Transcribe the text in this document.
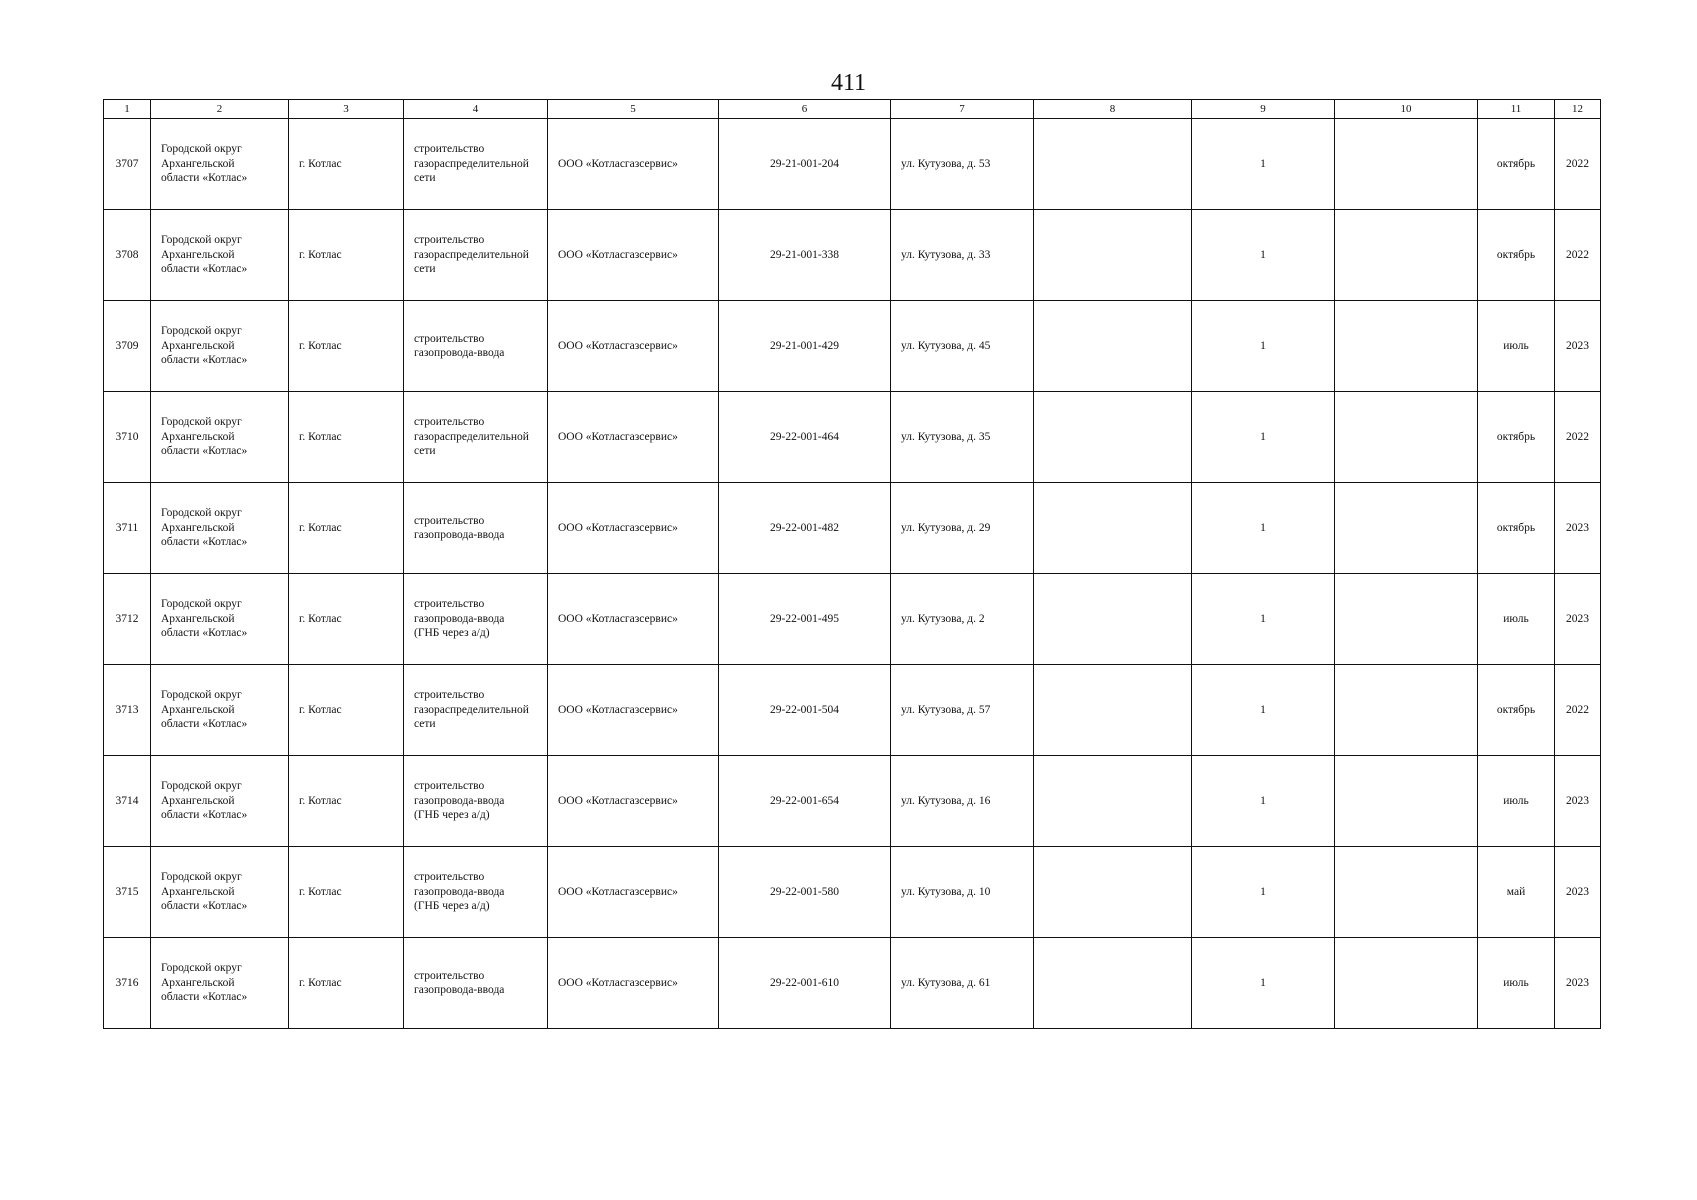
411
1	2	3	4	5	6	7	8	9	10	11	12
3707	Городской округ
Архангельской
области «Котлас»	г. Котлас	строительство
газораспределительной
сети	ООО «Котласгазсервис»	29-21-001-204	ул. Кутузова, д. 53		1		октябрь	2022
3708	Городской округ
Архангельской
области «Котлас»	г. Котлас	строительство
газораспределительной
сети	ООО «Котласгазсервис»	29-21-001-338	ул. Кутузова, д. 33		1		октябрь	2022
3709	Городской округ
Архангельской
области «Котлас»	г. Котлас	строительство
газопровода-ввода	ООО «Котласгазсервис»	29-21-001-429	ул. Кутузова, д. 45		1		июль	2023
3710	Городской округ
Архангельской
области «Котлас»	г. Котлас	строительство
газораспределительной
сети	ООО «Котласгазсервис»	29-22-001-464	ул. Кутузова, д. 35		1		октябрь	2022
3711	Городской округ
Архангельской
области «Котлас»	г. Котлас	строительство
газопровода-ввода	ООО «Котласгазсервис»	29-22-001-482	ул. Кутузова, д. 29		1		октябрь	2023
3712	Городской округ
Архангельской
области «Котлас»	г. Котлас	строительство
газопровода-ввода
(ГНБ через а/д)	ООО «Котласгазсервис»	29-22-001-495	ул. Кутузова, д. 2		1		июль	2023
3713	Городской округ
Архангельской
области «Котлас»	г. Котлас	строительство
газораспределительной
сети	ООО «Котласгазсервис»	29-22-001-504	ул. Кутузова, д. 57		1		октябрь	2022
3714	Городской округ
Архангельской
области «Котлас»	г. Котлас	строительство
газопровода-ввода
(ГНБ через а/д)	ООО «Котласгазсервис»	29-22-001-654	ул. Кутузова, д. 16		1		июль	2023
3715	Городской округ
Архангельской
области «Котлас»	г. Котлас	строительство
газопровода-ввода
(ГНБ через а/д)	ООО «Котласгазсервис»	29-22-001-580	ул. Кутузова, д. 10		1		май	2023
3716	Городской округ
Архангельской
области «Котлас»	г. Котлас	строительство
газопровода-ввода	ООО «Котласгазсервис»	29-22-001-610	ул. Кутузова, д. 61		1		июль	2023
